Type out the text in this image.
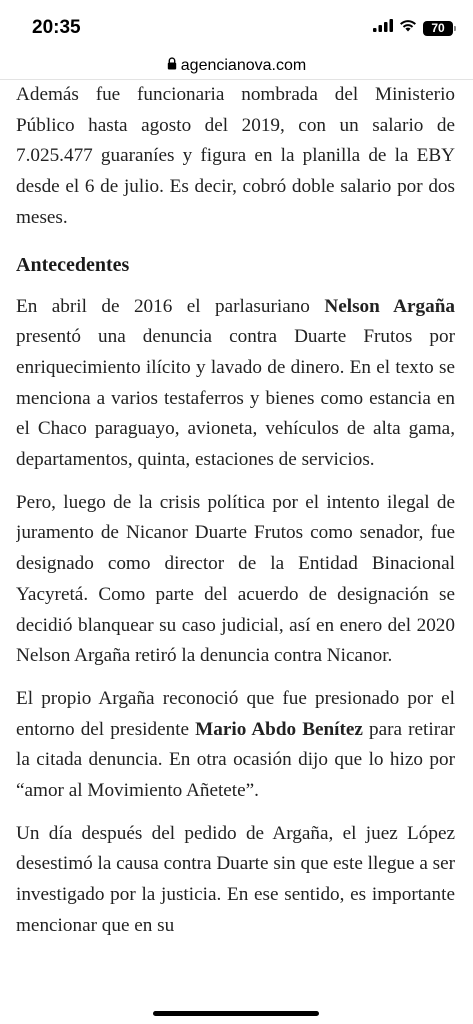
20:35	70
agencianova.com

Además fue funcionaria nombrada del Ministerio Público hasta agosto del 2019, con un salario de 7.025.477 guaraníes y figura en la planilla de la EBY desde el 6 de julio. Es decir, cobró doble salario por dos meses.

Antecedentes

En abril de 2016 el parlasuriano Nelson Argaña presentó una denuncia contra Duarte Frutos por enriquecimiento ilícito y lavado de dinero. En el texto se menciona a varios testaferros y bienes como estancia en el Chaco paraguayo, avioneta, vehículos de alta gama, departamentos, quinta, estaciones de servicios.

Pero, luego de la crisis política por el intento ilegal de juramento de Nicanor Duarte Frutos como senador, fue designado como director de la Entidad Binacional Yacyretá. Como parte del acuerdo de designación se decidió blanquear su caso judicial, así en enero del 2020 Nelson Argaña retiró la denuncia contra Nicanor.

El propio Argaña reconoció que fue presionado por el entorno del presidente Mario Abdo Benítez para retirar la citada denuncia. En otra ocasión dijo que lo hizo por “amor al Movimiento Añetete”.

Un día después del pedido de Argaña, el juez López desestimó la causa contra Duarte sin que este llegue a ser investigado por la justicia. En ese sentido, es importante mencionar que en su
